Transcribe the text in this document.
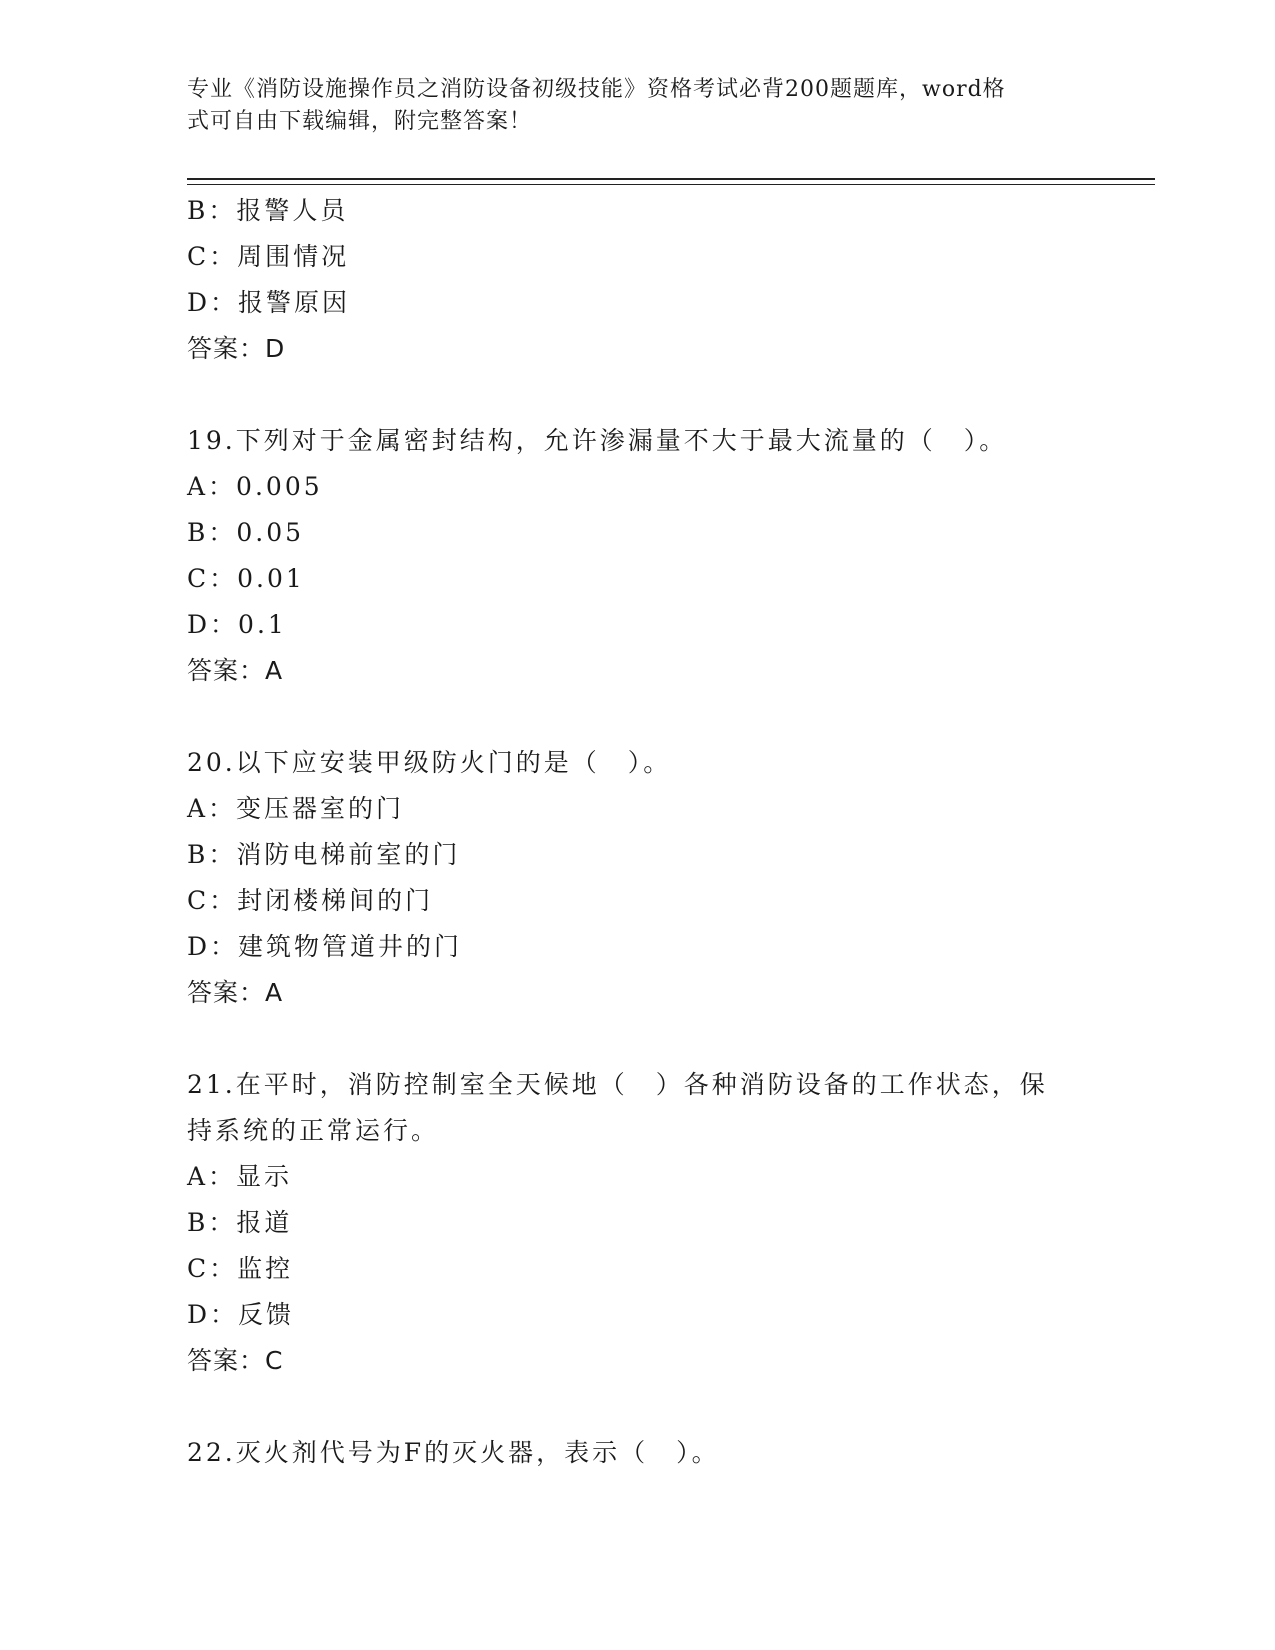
专业《消防设施操作员之消防设备初级技能》资格考试必背200题题库，word格
式可自由下载编辑，附完整答案！

B：报警人员

C：周围情况

D：报警原因

答案：D

19.下列对于金属密封结构，允许渗漏量不大于最大流量的（　）。

A：0.005

B：0.05

C：0.01

D：0.1

答案：A

20.以下应安装甲级防火门的是（　）。

A：变压器室的门

B：消防电梯前室的门

C：封闭楼梯间的门

D：建筑物管道井的门

答案：A

21.在平时，消防控制室全天候地（　）各种消防设备的工作状态，保

持系统的正常运行。

A：显示

B：报道

C：监控

D：反馈

答案：C

22.灭火剂代号为F的灭火器，表示（　）。
